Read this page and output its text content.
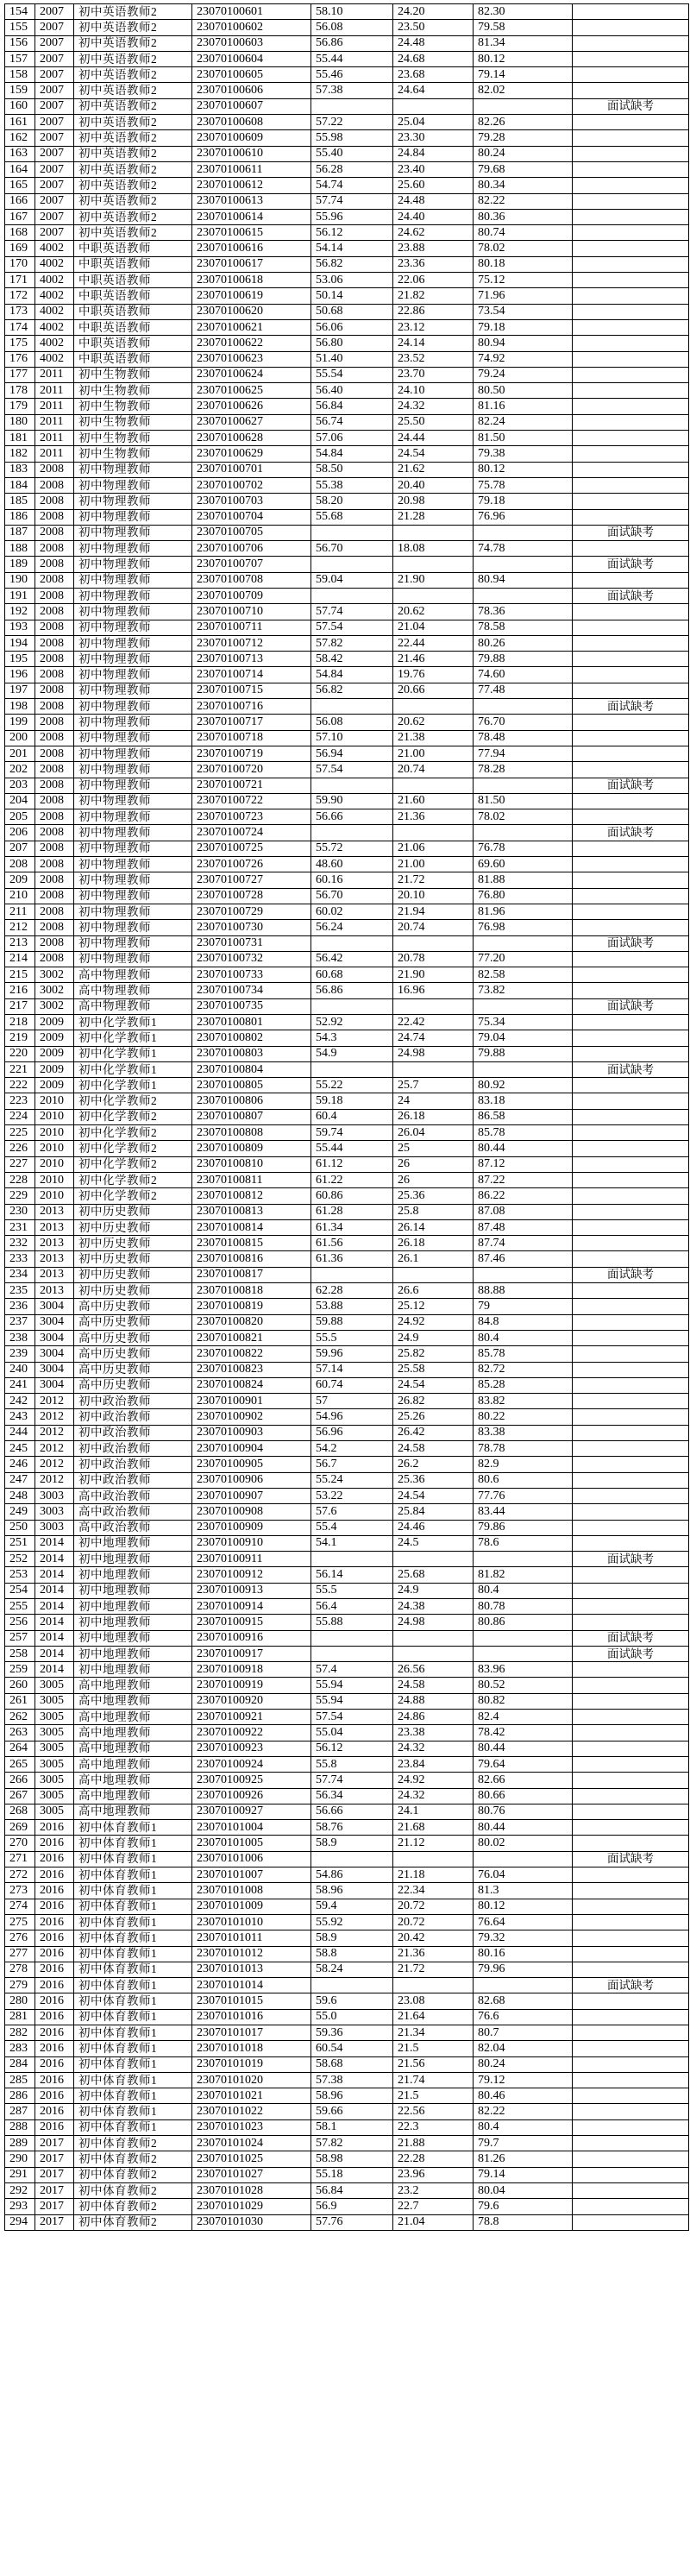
154	2007	初中英语教师2	23070100601	58.10	24.20	82.30	
155	2007	初中英语教师2	23070100602	56.08	23.50	79.58	
156	2007	初中英语教师2	23070100603	56.86	24.48	81.34	
157	2007	初中英语教师2	23070100604	55.44	24.68	80.12	
158	2007	初中英语教师2	23070100605	55.46	23.68	79.14	
159	2007	初中英语教师2	23070100606	57.38	24.64	82.02	
160	2007	初中英语教师2	23070100607				面试缺考
161	2007	初中英语教师2	23070100608	57.22	25.04	82.26	
162	2007	初中英语教师2	23070100609	55.98	23.30	79.28	
163	2007	初中英语教师2	23070100610	55.40	24.84	80.24	
164	2007	初中英语教师2	23070100611	56.28	23.40	79.68	
165	2007	初中英语教师2	23070100612	54.74	25.60	80.34	
166	2007	初中英语教师2	23070100613	57.74	24.48	82.22	
167	2007	初中英语教师2	23070100614	55.96	24.40	80.36	
168	2007	初中英语教师2	23070100615	56.12	24.62	80.74	
169	4002	中职英语教师	23070100616	54.14	23.88	78.02	
170	4002	中职英语教师	23070100617	56.82	23.36	80.18	
171	4002	中职英语教师	23070100618	53.06	22.06	75.12	
172	4002	中职英语教师	23070100619	50.14	21.82	71.96	
173	4002	中职英语教师	23070100620	50.68	22.86	73.54	
174	4002	中职英语教师	23070100621	56.06	23.12	79.18	
175	4002	中职英语教师	23070100622	56.80	24.14	80.94	
176	4002	中职英语教师	23070100623	51.40	23.52	74.92	
177	2011	初中生物教师	23070100624	55.54	23.70	79.24	
178	2011	初中生物教师	23070100625	56.40	24.10	80.50	
179	2011	初中生物教师	23070100626	56.84	24.32	81.16	
180	2011	初中生物教师	23070100627	56.74	25.50	82.24	
181	2011	初中生物教师	23070100628	57.06	24.44	81.50	
182	2011	初中生物教师	23070100629	54.84	24.54	79.38	
183	2008	初中物理教师	23070100701	58.50	21.62	80.12	
184	2008	初中物理教师	23070100702	55.38	20.40	75.78	
185	2008	初中物理教师	23070100703	58.20	20.98	79.18	
186	2008	初中物理教师	23070100704	55.68	21.28	76.96	
187	2008	初中物理教师	23070100705				面试缺考
188	2008	初中物理教师	23070100706	56.70	18.08	74.78	
189	2008	初中物理教师	23070100707				面试缺考
190	2008	初中物理教师	23070100708	59.04	21.90	80.94	
191	2008	初中物理教师	23070100709				面试缺考
192	2008	初中物理教师	23070100710	57.74	20.62	78.36	
193	2008	初中物理教师	23070100711	57.54	21.04	78.58	
194	2008	初中物理教师	23070100712	57.82	22.44	80.26	
195	2008	初中物理教师	23070100713	58.42	21.46	79.88	
196	2008	初中物理教师	23070100714	54.84	19.76	74.60	
197	2008	初中物理教师	23070100715	56.82	20.66	77.48	
198	2008	初中物理教师	23070100716				面试缺考
199	2008	初中物理教师	23070100717	56.08	20.62	76.70	
200	2008	初中物理教师	23070100718	57.10	21.38	78.48	
201	2008	初中物理教师	23070100719	56.94	21.00	77.94	
202	2008	初中物理教师	23070100720	57.54	20.74	78.28	
203	2008	初中物理教师	23070100721				面试缺考
204	2008	初中物理教师	23070100722	59.90	21.60	81.50	
205	2008	初中物理教师	23070100723	56.66	21.36	78.02	
206	2008	初中物理教师	23070100724				面试缺考
207	2008	初中物理教师	23070100725	55.72	21.06	76.78	
208	2008	初中物理教师	23070100726	48.60	21.00	69.60	
209	2008	初中物理教师	23070100727	60.16	21.72	81.88	
210	2008	初中物理教师	23070100728	56.70	20.10	76.80	
211	2008	初中物理教师	23070100729	60.02	21.94	81.96	
212	2008	初中物理教师	23070100730	56.24	20.74	76.98	
213	2008	初中物理教师	23070100731				面试缺考
214	2008	初中物理教师	23070100732	56.42	20.78	77.20	
215	3002	高中物理教师	23070100733	60.68	21.90	82.58	
216	3002	高中物理教师	23070100734	56.86	16.96	73.82	
217	3002	高中物理教师	23070100735				面试缺考
218	2009	初中化学教师1	23070100801	52.92	22.42	75.34	
219	2009	初中化学教师1	23070100802	54.3	24.74	79.04	
220	2009	初中化学教师1	23070100803	54.9	24.98	79.88	
221	2009	初中化学教师1	23070100804				面试缺考
222	2009	初中化学教师1	23070100805	55.22	25.7	80.92	
223	2010	初中化学教师2	23070100806	59.18	24	83.18	
224	2010	初中化学教师2	23070100807	60.4	26.18	86.58	
225	2010	初中化学教师2	23070100808	59.74	26.04	85.78	
226	2010	初中化学教师2	23070100809	55.44	25	80.44	
227	2010	初中化学教师2	23070100810	61.12	26	87.12	
228	2010	初中化学教师2	23070100811	61.22	26	87.22	
229	2010	初中化学教师2	23070100812	60.86	25.36	86.22	
230	2013	初中历史教师	23070100813	61.28	25.8	87.08	
231	2013	初中历史教师	23070100814	61.34	26.14	87.48	
232	2013	初中历史教师	23070100815	61.56	26.18	87.74	
233	2013	初中历史教师	23070100816	61.36	26.1	87.46	
234	2013	初中历史教师	23070100817				面试缺考
235	2013	初中历史教师	23070100818	62.28	26.6	88.88	
236	3004	高中历史教师	23070100819	53.88	25.12	79	
237	3004	高中历史教师	23070100820	59.88	24.92	84.8	
238	3004	高中历史教师	23070100821	55.5	24.9	80.4	
239	3004	高中历史教师	23070100822	59.96	25.82	85.78	
240	3004	高中历史教师	23070100823	57.14	25.58	82.72	
241	3004	高中历史教师	23070100824	60.74	24.54	85.28	
242	2012	初中政治教师	23070100901	57	26.82	83.82	
243	2012	初中政治教师	23070100902	54.96	25.26	80.22	
244	2012	初中政治教师	23070100903	56.96	26.42	83.38	
245	2012	初中政治教师	23070100904	54.2	24.58	78.78	
246	2012	初中政治教师	23070100905	56.7	26.2	82.9	
247	2012	初中政治教师	23070100906	55.24	25.36	80.6	
248	3003	高中政治教师	23070100907	53.22	24.54	77.76	
249	3003	高中政治教师	23070100908	57.6	25.84	83.44	
250	3003	高中政治教师	23070100909	55.4	24.46	79.86	
251	2014	初中地理教师	23070100910	54.1	24.5	78.6	
252	2014	初中地理教师	23070100911				面试缺考
253	2014	初中地理教师	23070100912	56.14	25.68	81.82	
254	2014	初中地理教师	23070100913	55.5	24.9	80.4	
255	2014	初中地理教师	23070100914	56.4	24.38	80.78	
256	2014	初中地理教师	23070100915	55.88	24.98	80.86	
257	2014	初中地理教师	23070100916				面试缺考
258	2014	初中地理教师	23070100917				面试缺考
259	2014	初中地理教师	23070100918	57.4	26.56	83.96	
260	3005	高中地理教师	23070100919	55.94	24.58	80.52	
261	3005	高中地理教师	23070100920	55.94	24.88	80.82	
262	3005	高中地理教师	23070100921	57.54	24.86	82.4	
263	3005	高中地理教师	23070100922	55.04	23.38	78.42	
264	3005	高中地理教师	23070100923	56.12	24.32	80.44	
265	3005	高中地理教师	23070100924	55.8	23.84	79.64	
266	3005	高中地理教师	23070100925	57.74	24.92	82.66	
267	3005	高中地理教师	23070100926	56.34	24.32	80.66	
268	3005	高中地理教师	23070100927	56.66	24.1	80.76	
269	2016	初中体育教师1	23070101004	58.76	21.68	80.44	
270	2016	初中体育教师1	23070101005	58.9	21.12	80.02	
271	2016	初中体育教师1	23070101006				面试缺考
272	2016	初中体育教师1	23070101007	54.86	21.18	76.04	
273	2016	初中体育教师1	23070101008	58.96	22.34	81.3	
274	2016	初中体育教师1	23070101009	59.4	20.72	80.12	
275	2016	初中体育教师1	23070101010	55.92	20.72	76.64	
276	2016	初中体育教师1	23070101011	58.9	20.42	79.32	
277	2016	初中体育教师1	23070101012	58.8	21.36	80.16	
278	2016	初中体育教师1	23070101013	58.24	21.72	79.96	
279	2016	初中体育教师1	23070101014				面试缺考
280	2016	初中体育教师1	23070101015	59.6	23.08	82.68	
281	2016	初中体育教师1	23070101016	55.0	21.64	76.6	
282	2016	初中体育教师1	23070101017	59.36	21.34	80.7	
283	2016	初中体育教师1	23070101018	60.54	21.5	82.04	
284	2016	初中体育教师1	23070101019	58.68	21.56	80.24	
285	2016	初中体育教师1	23070101020	57.38	21.74	79.12	
286	2016	初中体育教师1	23070101021	58.96	21.5	80.46	
287	2016	初中体育教师1	23070101022	59.66	22.56	82.22	
288	2016	初中体育教师1	23070101023	58.1	22.3	80.4	
289	2017	初中体育教师2	23070101024	57.82	21.88	79.7	
290	2017	初中体育教师2	23070101025	58.98	22.28	81.26	
291	2017	初中体育教师2	23070101027	55.18	23.96	79.14	
292	2017	初中体育教师2	23070101028	56.84	23.2	80.04	
293	2017	初中体育教师2	23070101029	56.9	22.7	79.6	
294	2017	初中体育教师2	23070101030	57.76	21.04	78.8	
